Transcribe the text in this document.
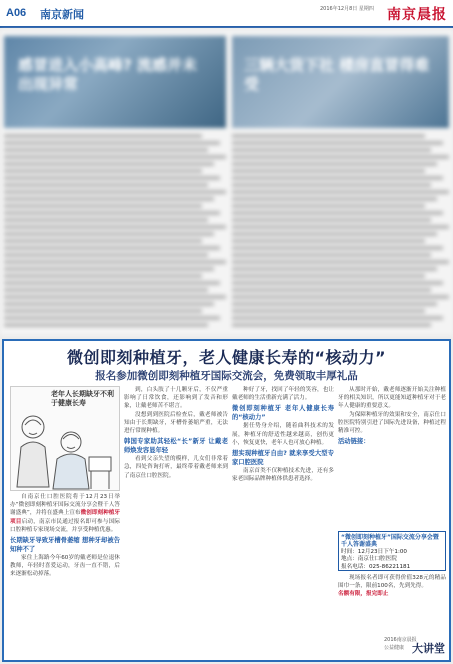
A06 南京新闻	2016年12月8日 星期四 南京晨报
感冒进入小高峰? 流感并未出现异常
三辆大货下社 楼房直冒得难受
微创即刻种植牙，老人健康长寿的“核动力”
报名参加微创即刻种植牙国际交流会，免费领取丰厚礼品
老年人长期缺牙不利于健康长寿

自南京仕口腔医院将于12月23日举办“微创即刻种植牙国际交流分享会暨千人答谢盛典”，并将在盛典上宣布微创即刻种植牙项目启动，南京市民通过报名即可参与国际口腔种植专家现场交流，并享受种植优惠。

长期缺牙导致牙槽骨萎缩 想种牙却被告知种不了

家住上海路今年60岁的戴老师是位退休教师，年轻时喜爱运动，牙齿一直不错，后来逐渐松动掉落。

到，白头肢了十几颗牙后，不仅严重影响了日常饮食，还影响到了发音和形象，让戴老师苦不堪言。

没想到到医院后检查后，戴老师被告知由于长期缺牙，牙槽骨萎缩严重，无法进行常规种植。

韩国专家助其轻松“长”新牙 让戴老师焕发容显年轻

看到父亲失望的模样，儿女们非常着急，四处咨询打听，最终带着戴老师来到了南京仕口腔医院。

种好了牙，找回了年轻的笑容，也让戴老师的生活重新充满了活力。

微创即刻种植牙 老年人健康长寿的“核动力”

据任势身介绍，随着曲科技术的发展，种植牙的舒适性越来越高，创伤更小，恢复更快，老年人也可放心种植。

想实现种植牙自由? 就来享受大型专家口腔医院

南京首类不仅种植技术先进，还有多家老国际品牌种植体供患者选择。

从那时开始，戴老师逐渐开始关注种植牙的相关知识，所以更能知道种植牙对于老年人健康的重要意义。

为保障种植牙的效果和安全，南京仕口腔医院特别引进了国际先进设备，种植过程精准可控。

活动链接：
“微创即刻种植牙”国际交流分享会暨千人答谢盛典
时间：12月23日下午1:00
地点：南京仕口腔医院
报名电话：025-86221181

现场报名者即可获得价值328元的精品围巾一条，限前100名，先到先得。

名额有限，报完即止

2016南京晨报
公益健康 大讲堂
